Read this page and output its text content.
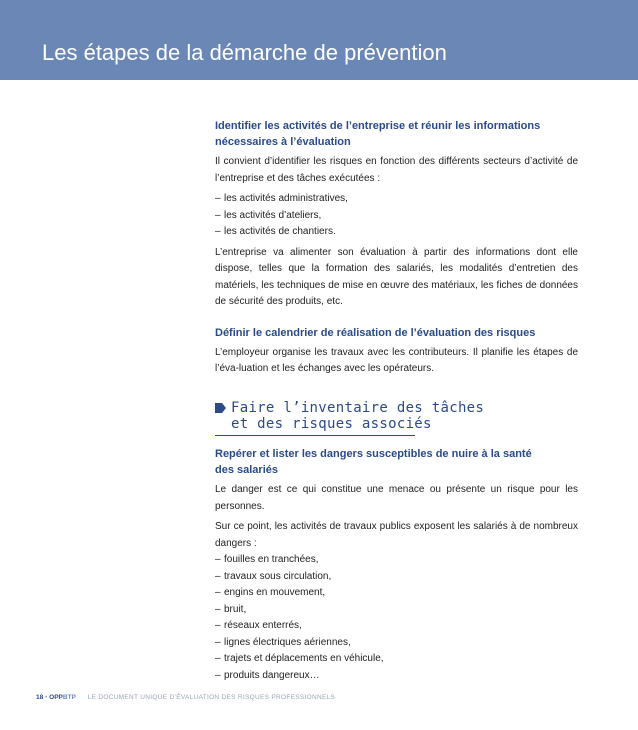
Les étapes de la démarche de prévention
Identifier les activités de l’entreprise et réunir les informations
nécessaires à l’évaluation

Il convient d’identifier les risques en fonction des différents secteurs d’activité de l’entreprise et des tâches exécutées :

– les activités administratives,

– les activités d’ateliers,

– les activités de chantiers.

L’entreprise va alimenter son évaluation à partir des informations dont elle dispose, telles que la formation des salariés, les modalités d’entretien des matériels, les techniques de mise en œuvre des matériaux, les fiches de données de sécurité des produits, etc.

Définir le calendrier de réalisation de l’évaluation des risques

L’employeur organise les travaux avec les contributeurs. Il planifie les étapes de l’éva-luation et les échanges avec les opérateurs.

Faire l’inventaire des tâches
et des risques associés
Repérer et lister les dangers susceptibles de nuire à la santé
des salariés

Le danger est ce qui constitue une menace ou présente un risque pour les personnes.

Sur ce point, les activités de travaux publics exposent les salariés à de nombreux dangers :

– fouilles en tranchées,

– travaux sous circulation,

– engins en mouvement,

– bruit,

– réseaux enterrés,

– lignes électriques aériennes,

– trajets et déplacements en véhicule,

– produits dangereux…

18 • OPPBTP LE DOCUMENT UNIQUE D’ÉVALUATION DES RISQUES PROFESSIONNELS
